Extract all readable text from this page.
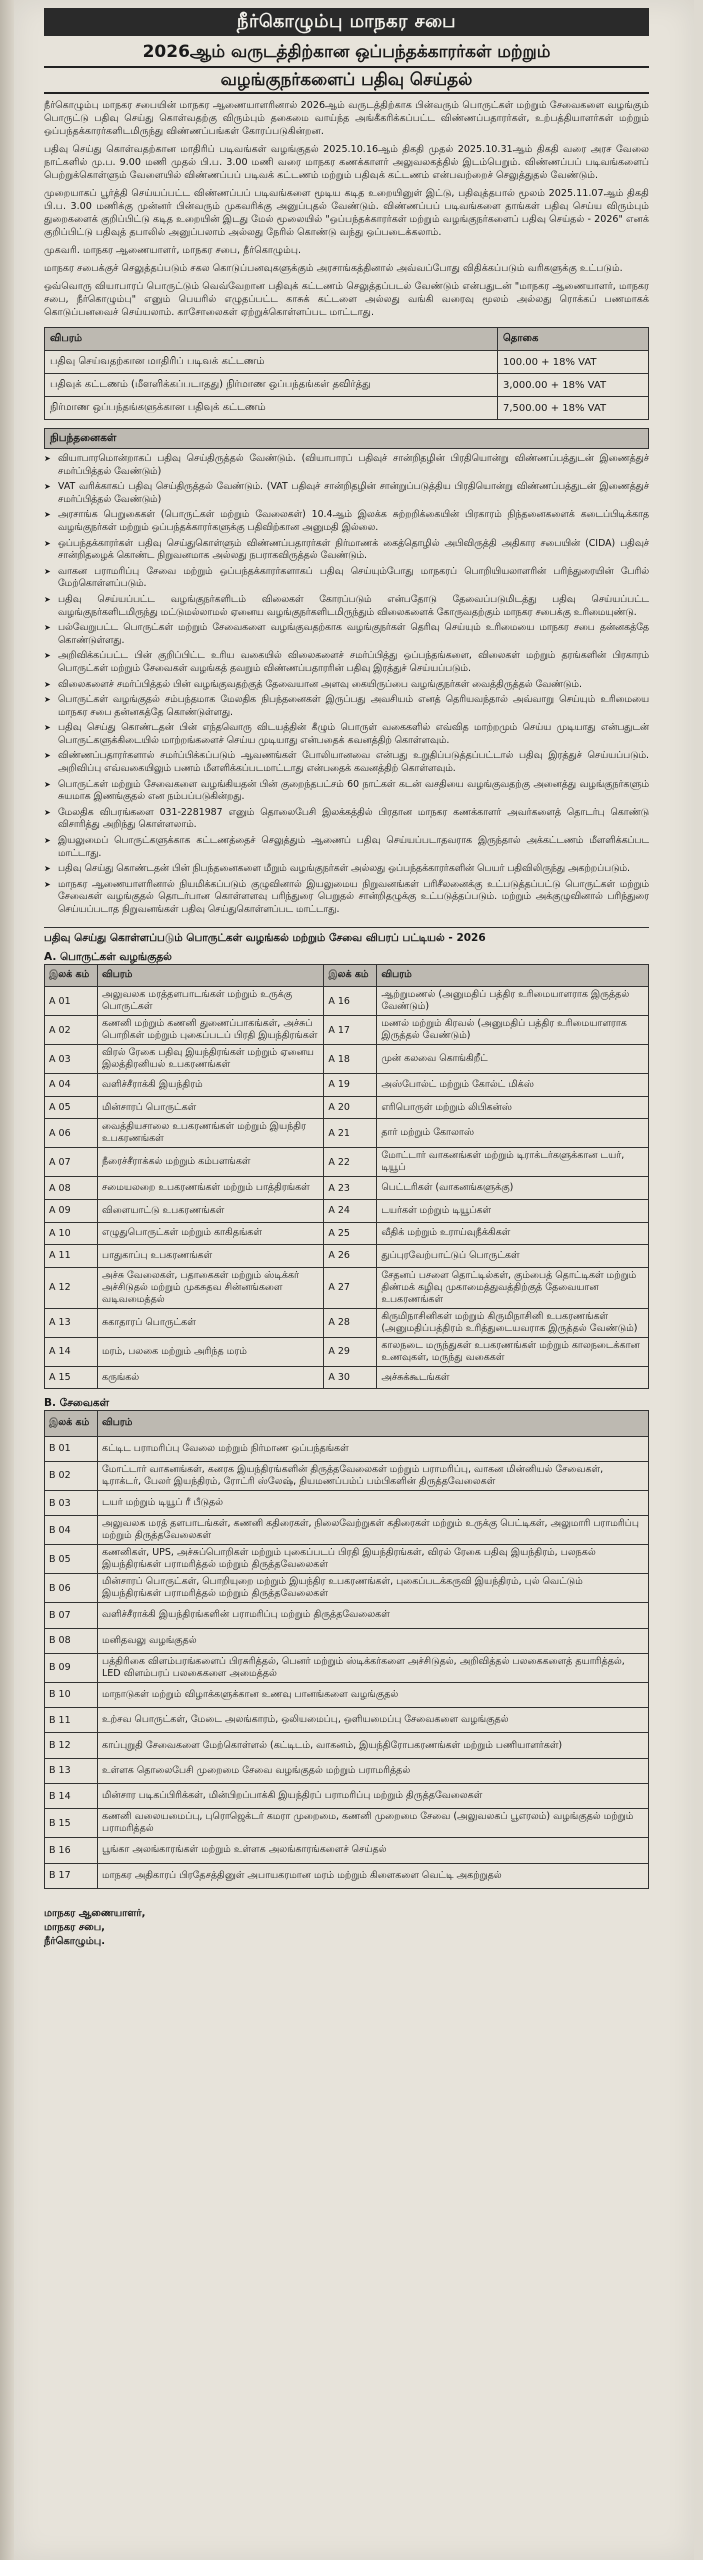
நீர்கொழும்பு மாநகர சபை
2026ஆம் வருடத்திற்கான ஒப்பந்தக்காரர்கள் மற்றும்
வழங்குநர்களைப் பதிவு செய்தல்

நீர்கொழும்பு மாநகர சபையின் மாநகர ஆணையாளரினால் 2026ஆம் வருடத்திற்காக பின்வரும் பொருட்கள் மற்றும் சேவைகளை வழங்கும் பொருட்டு பதிவு செய்து கொள்வதற்கு விரும்பும் தகைமை வாய்ந்த அங்கீகரிக்கப்பட்ட விண்ணப்பதாரர்கள், உற்பத்தியாளர்கள் மற்றும் ஒப்பந்தக்காரர்களிடமிருந்து விண்ணப்பங்கள் கோரப்படுகின்றன.

பதிவு செய்து கொள்வதற்கான மாதிரிப் படிவங்கள் வழங்குதல் 2025.10.16ஆம் திகதி முதல் 2025.10.31ஆம் திகதி வரை அரச வேலை நாட்களில் மு.ப. 9.00 மணி முதல் பி.ப. 3.00 மணி வரை மாநகர கணக்காளர் அலுவலகத்தில் இடம்பெறும். விண்ணப்பப் படிவங்களைப் பெற்றுக்கொள்ளும் வேளையில் விண்ணப்பப் படிவக் கட்டணம் மற்றும் பதிவுக் கட்டணம் என்பவற்றைச் செலுத்துதல் வேண்டும்.

முறையாகப் பூர்த்தி செய்யப்பட்ட விண்ணப்பப் படிவங்களை மூடிய கடித உறையினுள் இட்டு, பதிவுத்தபால் மூலம் 2025.11.07ஆம் திகதி பி.ப. 3.00 மணிக்கு முன்னர் பின்வரும் முகவரிக்கு அனுப்புதல் வேண்டும். விண்ணப்பப் படிவங்களை தாங்கள் பதிவு செய்ய விரும்பும் துறைகளைக் குறிப்பிட்டு கடித உறையின் இடது மேல் மூலையில் "ஒப்பந்தக்காரர்கள் மற்றும் வழங்குநர்களைப் பதிவு செய்தல் - 2026" எனக் குறிப்பிட்டு பதிவுத் தபாலில் அனுப்பலாம் அல்லது நேரில் கொண்டு வந்து ஒப்படைக்கலாம்.

முகவரி. மாநகர ஆணையாளர், மாநகர சபை, நீர்கொழும்பு.

மாநகர சபைக்குச் செலுத்தப்படும் சகல கொடுப்பனவுகளுக்கும் அரசாங்கத்தினால் அவ்வப்போது விதிக்கப்படும் வரிகளுக்கு உட்படும்.

ஒவ்வொரு வியாபாரப் பொருட்டும் வெவ்வேறான பதிவுக் கட்டணம் செலுத்தப்படல் வேண்டும் என்பதுடன் "மாநகர ஆணையாளர், மாநகர சபை, நீர்கொழும்பு" எனும் பெயரில் எழுதப்பட்ட காசுக் கட்டளை அல்லது வங்கி வரைவு மூலம் அல்லது ரொக்கப் பணமாகக் கொடுப்பனவைச் செய்யலாம். காசோலைகள் ஏற்றுக்கொள்ளப்பட மாட்டாது.

விபரம்	தொகை
பதிவு செய்வதற்கான மாதிரிப் படிவக் கட்டணம்	100.00 + 18% VAT
பதிவுக் கட்டணம் (மீளளிக்கப்படாதது) நிர்மாண ஒப்பந்தங்கள் தவிர்த்து	3,000.00 + 18% VAT
நிர்மாண ஒப்பந்தங்களுக்கான பதிவுக் கட்டணம்	7,500.00 + 18% VAT
நிபந்தனைகள்
➤ வியாபாரமொன்றாகப் பதிவு செய்திருத்தல் வேண்டும். (வியாபாரப் பதிவுச் சான்றிதழின் பிரதியொன்று விண்ணப்பத்துடன் இணைத்துச் சமர்ப்பித்தல் வேண்டும்)
➤ VAT வரிக்காகப் பதிவு செய்திருத்தல் வேண்டும். (VAT பதிவுச் சான்றிதழின் சான்றுப்படுத்திய பிரதியொன்று விண்ணப்பத்துடன் இணைத்துச் சமர்ப்பித்தல் வேண்டும்)
➤ அரசாங்க பெறுகைகள் (பொருட்கள் மற்றும் வேலைகள்) 10.4ஆம் இலக்க சுற்றறிக்கையின் பிரகாரம் நிந்தனைகளைக் கடைப்பிடிக்காத வழங்குநர்கள் மற்றும் ஒப்பந்தக்காரர்களுக்கு பதிவிற்கான அனுமதி இல்லை.
➤ ஒப்பந்தக்காரர்கள் பதிவு செய்துகொள்ளும் விண்ணப்பதாரர்கள் நிர்மாணக் கைத்தொழில் அபிவிருத்தி அதிகார சபையின் (CIDA) பதிவுச் சான்றிதழைக் கொண்ட நிறுவனமாக அல்லது நபராகவிருத்தல் வேண்டும்.
➤ வாகன பராமரிப்பு சேவை மற்றும் ஒப்பந்தக்காரர்களாகப் பதிவு செய்யும்போது மாநகரப் பொறியியலாளரின் பரிந்துரையின் பேரில் மேற்கொள்ளப்படும்.
➤ பதிவு செய்யப்பட்ட வழங்குநர்களிடம் விலைகள் கோரப்படும் என்பதோடு தேவைப்படுமிடத்து பதிவு செய்யப்பட்ட வழங்குநர்களிடமிருந்து மட்டுமல்லாமல் ஏனைய வழங்குநர்களிடமிருந்தும் விலைகளைக் கோருவதற்கும் மாநகர சபைக்கு உரிமையுண்டு.
➤ பல்வேறுபட்ட பொருட்கள் மற்றும் சேவைகளை வழங்குவதற்காக வழங்குநர்கள் தெரிவு செய்யும் உரிமையை மாநகர சபை தன்னகத்தே கொண்டுள்ளது.
➤ அறிவிக்கப்பட்ட பின் குறிப்பிட்ட உரிய வகையில் விலைகளைச் சமர்ப்பித்து ஒப்பந்தங்களை, விலைகள் மற்றும் தரங்களின் பிரகாரம் பொருட்கள் மற்றும் சேவைகள் வழங்கத் தவறும் விண்ணப்பதாரரின் பதிவு இரத்துச் செய்யப்படும்.
➤ விலைகளைச் சமர்ப்பித்தல் பின் வழங்குவதற்குத் தேவையான அளவு கையிருப்பை வழங்குநர்கள் வைத்திருத்தல் வேண்டும்.
➤ பொருட்கள் வழங்குதல் சம்பந்தமாக மேலதிக நிபந்தனைகள் இருப்பது அவசியம் எனத் தெரியவந்தால் அவ்வாறு செய்யும் உரிமையை மாநகர சபை தன்னகத்தே கொண்டுள்ளது.
➤ பதிவு செய்து கொண்டதன் பின் எந்தவொரு விடயத்தின் கீழும் பொருள் வகைகளில் எவ்வித மாற்றமும் செய்ய முடியாது என்பதுடன் பொருட்களுக்கிடையில் மாற்றங்களைச் செய்ய முடியாது என்பதைக் கவனத்திற் கொள்ளவும்.
➤ விண்ணப்பதாரர்களால் சமர்ப்பிக்கப்படும் ஆவணங்கள் போலியானவை என்பது உறுதிப்படுத்தப்பட்டால் பதிவு இரத்துச் செய்யப்படும். அறிவிப்பு எவ்வகையிலும் பணம் மீளளிக்கப்படமாட்டாது என்பதைக் கவனத்திற் கொள்ளவும்.
➤ பொருட்கள் மற்றும் சேவைகளை வழங்கியதன் பின் குறைந்தபட்சம் 60 நாட்கள் கடன் வசதியை வழங்குவதற்கு அனைத்து வழங்குநர்களும் சுயமாக இணங்குதல் என நம்பப்படுகின்றது.
➤ மேலதிக விபரங்களை 031-2281987 எனும் தொலைபேசி இலக்கத்தில் பிரதான மாநகர கணக்காளர் அவர்களைத் தொடர்பு கொண்டு விசாரித்து அறிந்து கொள்ளலாம்.
➤ இயலுமைப் பொருட்களுக்காக கட்டணத்தைச் செலுத்தும் ஆணைப் பதிவு செய்யப்படாதவராக இருந்தால் அக்கட்டணம் மீளளிக்கப்பட மாட்டாது.
➤ பதிவு செய்து கொண்டதன் பின் நிபந்தனைகளை மீறும் வழங்குநர்கள் அல்லது ஒப்பந்தக்காரர்களின் பெயர் பதிவிலிருந்து அகற்றப்படும்.
➤ மாநகர ஆணையாளரினால் நியமிக்கப்படும் குழுவினால் இயலுமைய நிறுவனங்கள் பரிசீலனைக்கு உட்படுத்தப்பட்டு பொருட்கள் மற்றும் சேவைகள் வழங்குதல் தொடர்பான கொள்ளளவு பரிந்துரை பெறுதல் சான்றிதழுக்கு உட்படுத்தப்படும். மற்றும் அக்குழுவினால் பரிந்துரை செய்யப்படாத நிறுவனங்கள் பதிவு செய்துகொள்ளப்பட மாட்டாது.
பதிவு செய்து கொள்ளப்படும் பொருட்கள் வழங்கல் மற்றும் சேவை விபரப் பட்டியல் - 2026
A. பொருட்கள் வழங்குதல்
இலக் கம்	விபரம்	இலக் கம்	விபரம்
A 01	அலுவலக மரத்தளபாடங்கள் மற்றும் உருக்கு பொருட்கள்	A 16	ஆற்றுமணல் (அனுமதிப் பத்திர உரிமையாளராக இருத்தல் வேண்டும்)
A 02	கணனி மற்றும் கணனி துணைப்பாகங்கள், அச்சுப் பொறிகள் மற்றும் புகைப்படப் பிரதி இயந்திரங்கள்	A 17	மணல் மற்றும் கிரவல் (அனுமதிப் பத்திர உரிமையாளராக இருத்தல் வேண்டும்)
A 03	விரல் ரேகை பதிவு இயந்திரங்கள் மற்றும் ஏனைய இலத்திரனியல் உபகரணங்கள்	A 18	முன் கலவை கொங்கிறீட்
A 04	வளிச்சீராக்கி இயந்திரம்	A 19	அஸ்போல்ட் மற்றும் கோல்ட் மிக்ஸ்
A 05	மின்சாரப் பொருட்கள்	A 20	எரிபொருள் மற்றும் லிபிகன்ஸ்
A 06	வைத்தியசாலை உபகரணங்கள் மற்றும் இயந்திர உபகரணங்கள்	A 21	தார் மற்றும் கோலாஸ்
A 07	நீரைச்சீராக்கல் மற்றும் கம்பளங்கள்	A 22	மோட்டார் வாகனங்கள் மற்றும் டிராக்டர்களுக்கான டயர், டியூப்
A 08	சமையலறை உபகரணங்கள் மற்றும் பாத்திரங்கள்	A 23	பெட்டரிகள் (வாகனங்களுக்கு)
A 09	விளையாட்டு உபகரணங்கள்	A 24	டயர்கள் மற்றும் டியூப்கள்
A 10	எழுதுபொருட்கள் மற்றும் காகிதங்கள்	A 25	வீதிக் மற்றும் உராய்வுநீக்கிகள்
A 11	பாதுகாப்பு உபகரணங்கள்	A 26	துப்புரவேற்பாட்டுப் பொருட்கள்
A 12	அச்சு வேலைகள், பதாகைகள் மற்றும் ஸ்டிக்கர் அச்சிடுதல் மற்றும் முகசுதவ சின்னங்களை வடிவமைத்தல்	A 27	சேதனப் பசளை தொட்டில்கள், கும்பைத் தொட்டிகள் மற்றும் திண்மக் கழிவு முகாமைத்துவத்திற்குத் தேவையான உபகரணங்கள்
A 13	சுகாதாரப் பொருட்கள்	A 28	கிருமிநாசினிகள் மற்றும் கிருமிநாசினி உபகரணங்கள் (அனுமதிப்பத்திரம் உரித்துடையவராக இருத்தல் வேண்டும்)
A 14	மரம், பலகை மற்றும் அரிந்த மரம்	A 29	காலநடை மருந்துகள் உபகரணங்கள் மற்றும் காலநடைக்கான உணவுகள், மருந்து வகைகள்
A 15	கருங்கல்	A 30	அச்சுக்கூடங்கள்
B. சேவைகள்
இலக் கம்	விபரம்
B 01	கட்டிட பராமரிப்பு வேலை மற்றும் நிர்மாண ஒப்பந்தங்கள்
B 02	மோட்டார் வாகனங்கள், கனரக இயந்திரங்களின் திருத்தவேலைகள் மற்றும் பராமரிப்பு, வாகன மின்னியல் சேவைகள், டிராக்டர், பேலர் இயந்திரம், ரோட்ரி ஸ்லேஷ், நியமணப்பம்ப் பம்பிகளின் திருத்தவேலைகள்
B 03	டயர் மற்றும் டியூப் ரீ பீடுதல்
B 04	அலுவலக மரத் தளபாடங்கள், கணனி கதிரைகள், நிலைவேற்றுகள் கதிரைகள் மற்றும் உருக்கு பெட்டிகள், அலுமாரி பராமரிப்பு மற்றும் திருத்தவேலைகள்
B 05	கணனிகள், UPS, அச்சுப்பொறிகள் மற்றும் புகைப்படப் பிரதி இயந்திரங்கள், விரல் ரேகை பதிவு இயந்திரம், பலநகல் இயந்திரங்கள் பராமரித்தல் மற்றும் திருத்தவேலைகள்
B 06	மின்சாரப் பொருட்கள், பொறியுறை மற்றும் இயந்திர உபகரணங்கள், புகைப்படக்கருவி இயந்திரம், புல் வெட்டும் இயந்திரங்கள் பராமரித்தல் மற்றும் திருத்தவேலைகள்
B 07	வளிச்சீராக்கி இயந்திரங்களின் பராமரிப்பு மற்றும் திருத்தவேலைகள்
B 08	மனிதவலு வழங்குதல்
B 09	பத்திரிகை விளம்பரங்களைப் பிரசுரித்தல், பெனர் மற்றும் ஸ்டிக்கர்களை அச்சிடுதல், அறிவித்தல் பலகைகளைத் தயாரித்தல், LED விளம்பரப் பலகைகளை அமைத்தல்
B 10	மாநாடுகள் மற்றும் விழாக்களுக்கான உணவு பானங்களை வழங்குதல்
B 11	உற்சவ பொருட்கள், மேடை அலங்காரம், ஒலியமைப்பு, ஒளியமைப்பு சேவைகளை வழங்குதல்
B 12	காப்புறுதி சேவைகளை மேற்கொள்ளல் (கட்டிடம், வாகனம், இயந்திரோபகரணங்கள் மற்றும் பணியாளர்கள்)
B 13	உள்ளக தொலைபேசி முறைமை சேவை வழங்குதல் மற்றும் பராமரித்தல்
B 14	மின்சார படிகப்பிரிக்கள், மின்பிறப்பாக்கி இயந்திரப் பராமரிப்பு மற்றும் திருத்தவேலைகள்
B 15	கணனி வலையமைப்பு, புரொஜெக்டர் கமரா முறைமை, கணனி முறைமை சேவை (அலுவலகப் பூஎரலம்) வழங்குதல் மற்றும் பராமரித்தல்
B 16	பூங்கா அலங்காரங்கள் மற்றும் உள்ளக அலங்காரங்களைச் செய்தல்
B 17	மாநகர அதிகாரப் பிரதேசத்தினுள் அபாயகரமான மரம் மற்றும் கிளைகளை வெட்டி அகற்றுதல்
மாநகர ஆணையாளர்,
மாநகர சபை,
நீர்கொழும்பு.
